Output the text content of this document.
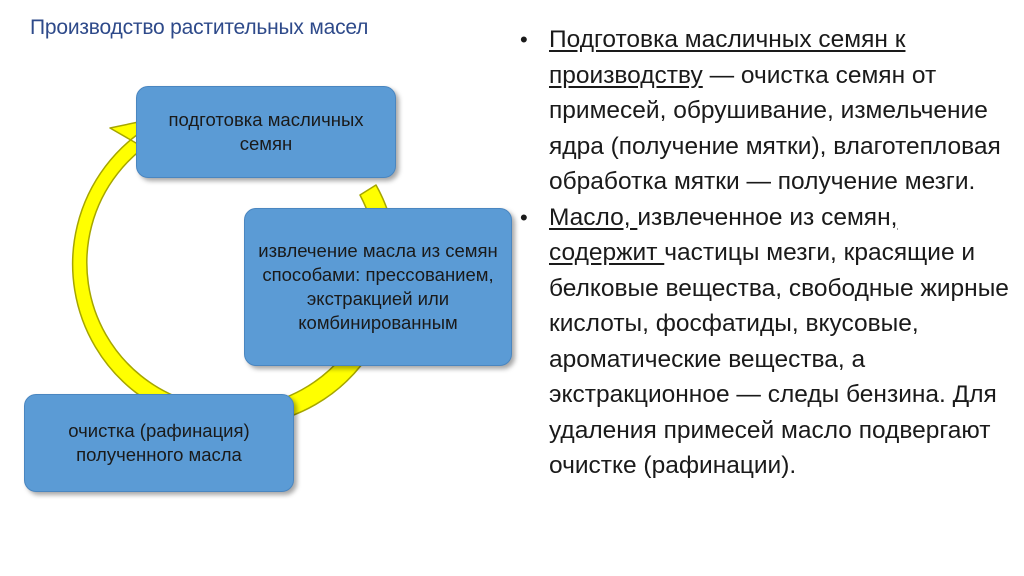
Производство растительных масел
подготовка масличных семян
извлечение масла из семян способами: прессованием, экстракцией или комбинированным
очистка (рафинация) полученного масла
• Подготовка масличных семян к производству — очистка семян от примесей, обрушивание, измельчение ядра (получение мятки), влаготепловая обработка мятки — получение мезги.
• Масло, извлеченное из семян, содержит частицы мезги, красящие и белковые вещества, свободные жирные кислоты, фосфатиды, вкусовые, ароматические вещества, а экстракционное — следы бензина. Для удаления примесей масло подвергают очистке (рафинации).
